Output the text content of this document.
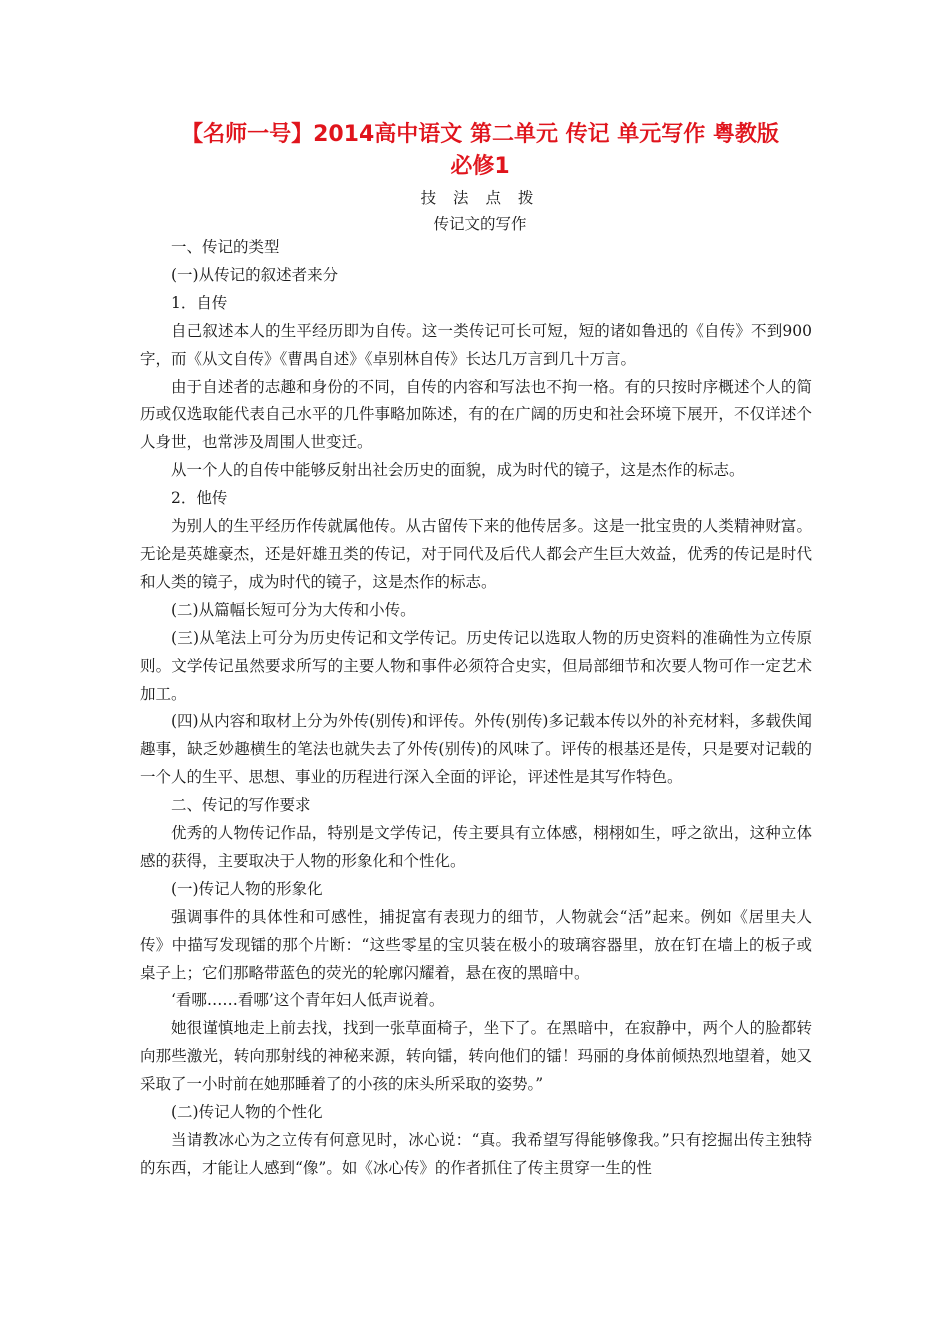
【名师一号】2014高中语文 第二单元 传记 单元写作 粤教版
必修1
技 法 点 拨
传记文的写作

一、传记的类型

(一)从传记的叙述者来分

1．自传

自己叙述本人的生平经历即为自传。这一类传记可长可短，短的诸如鲁迅的《自传》不到900字，而《从文自传》《曹禺自述》《卓别林自传》长达几万言到几十万言。

由于自述者的志趣和身份的不同，自传的内容和写法也不拘一格。有的只按时序概述个人的简历或仅选取能代表自己水平的几件事略加陈述，有的在广阔的历史和社会环境下展开，不仅详述个人身世，也常涉及周围人世变迁。

从一个人的自传中能够反射出社会历史的面貌，成为时代的镜子，这是杰作的标志。

2．他传

为别人的生平经历作传就属他传。从古留传下来的他传居多。这是一批宝贵的人类精神财富。无论是英雄豪杰，还是奸雄丑类的传记，对于同代及后代人都会产生巨大效益，优秀的传记是时代和人类的镜子，成为时代的镜子，这是杰作的标志。

(二)从篇幅长短可分为大传和小传。

(三)从笔法上可分为历史传记和文学传记。历史传记以选取人物的历史资料的准确性为立传原则。文学传记虽然要求所写的主要人物和事件必须符合史实，但局部细节和次要人物可作一定艺术加工。

(四)从内容和取材上分为外传(别传)和评传。外传(别传)多记载本传以外的补充材料，多载佚闻趣事，缺乏妙趣横生的笔法也就失去了外传(别传)的风味了。评传的根基还是传，只是要对记载的一个人的生平、思想、事业的历程进行深入全面的评论，评述性是其写作特色。

二、传记的写作要求

优秀的人物传记作品，特别是文学传记，传主要具有立体感，栩栩如生，呼之欲出，这种立体感的获得，主要取决于人物的形象化和个性化。

(一)传记人物的形象化

强调事件的具体性和可感性，捕捉富有表现力的细节，人物就会“活”起来。例如《居里夫人传》中描写发现镭的那个片断：“这些零星的宝贝装在极小的玻璃容器里，放在钉在墙上的板子或桌子上；它们那略带蓝色的荧光的轮廓闪耀着，悬在夜的黑暗中。

‘看哪……看哪’这个青年妇人低声说着。

她很谨慎地走上前去找，找到一张草面椅子，坐下了。在黑暗中，在寂静中，两个人的脸都转向那些激光，转向那射线的神秘来源，转向镭，转向他们的镭！玛丽的身体前倾热烈地望着，她又采取了一小时前在她那睡着了的小孩的床头所采取的姿势。”

(二)传记人物的个性化

当请教冰心为之立传有何意见时，冰心说：“真。我希望写得能够像我。”只有挖掘出传主独特的东西，才能让人感到“像”。如《冰心传》的作者抓住了传主贯穿一生的性
